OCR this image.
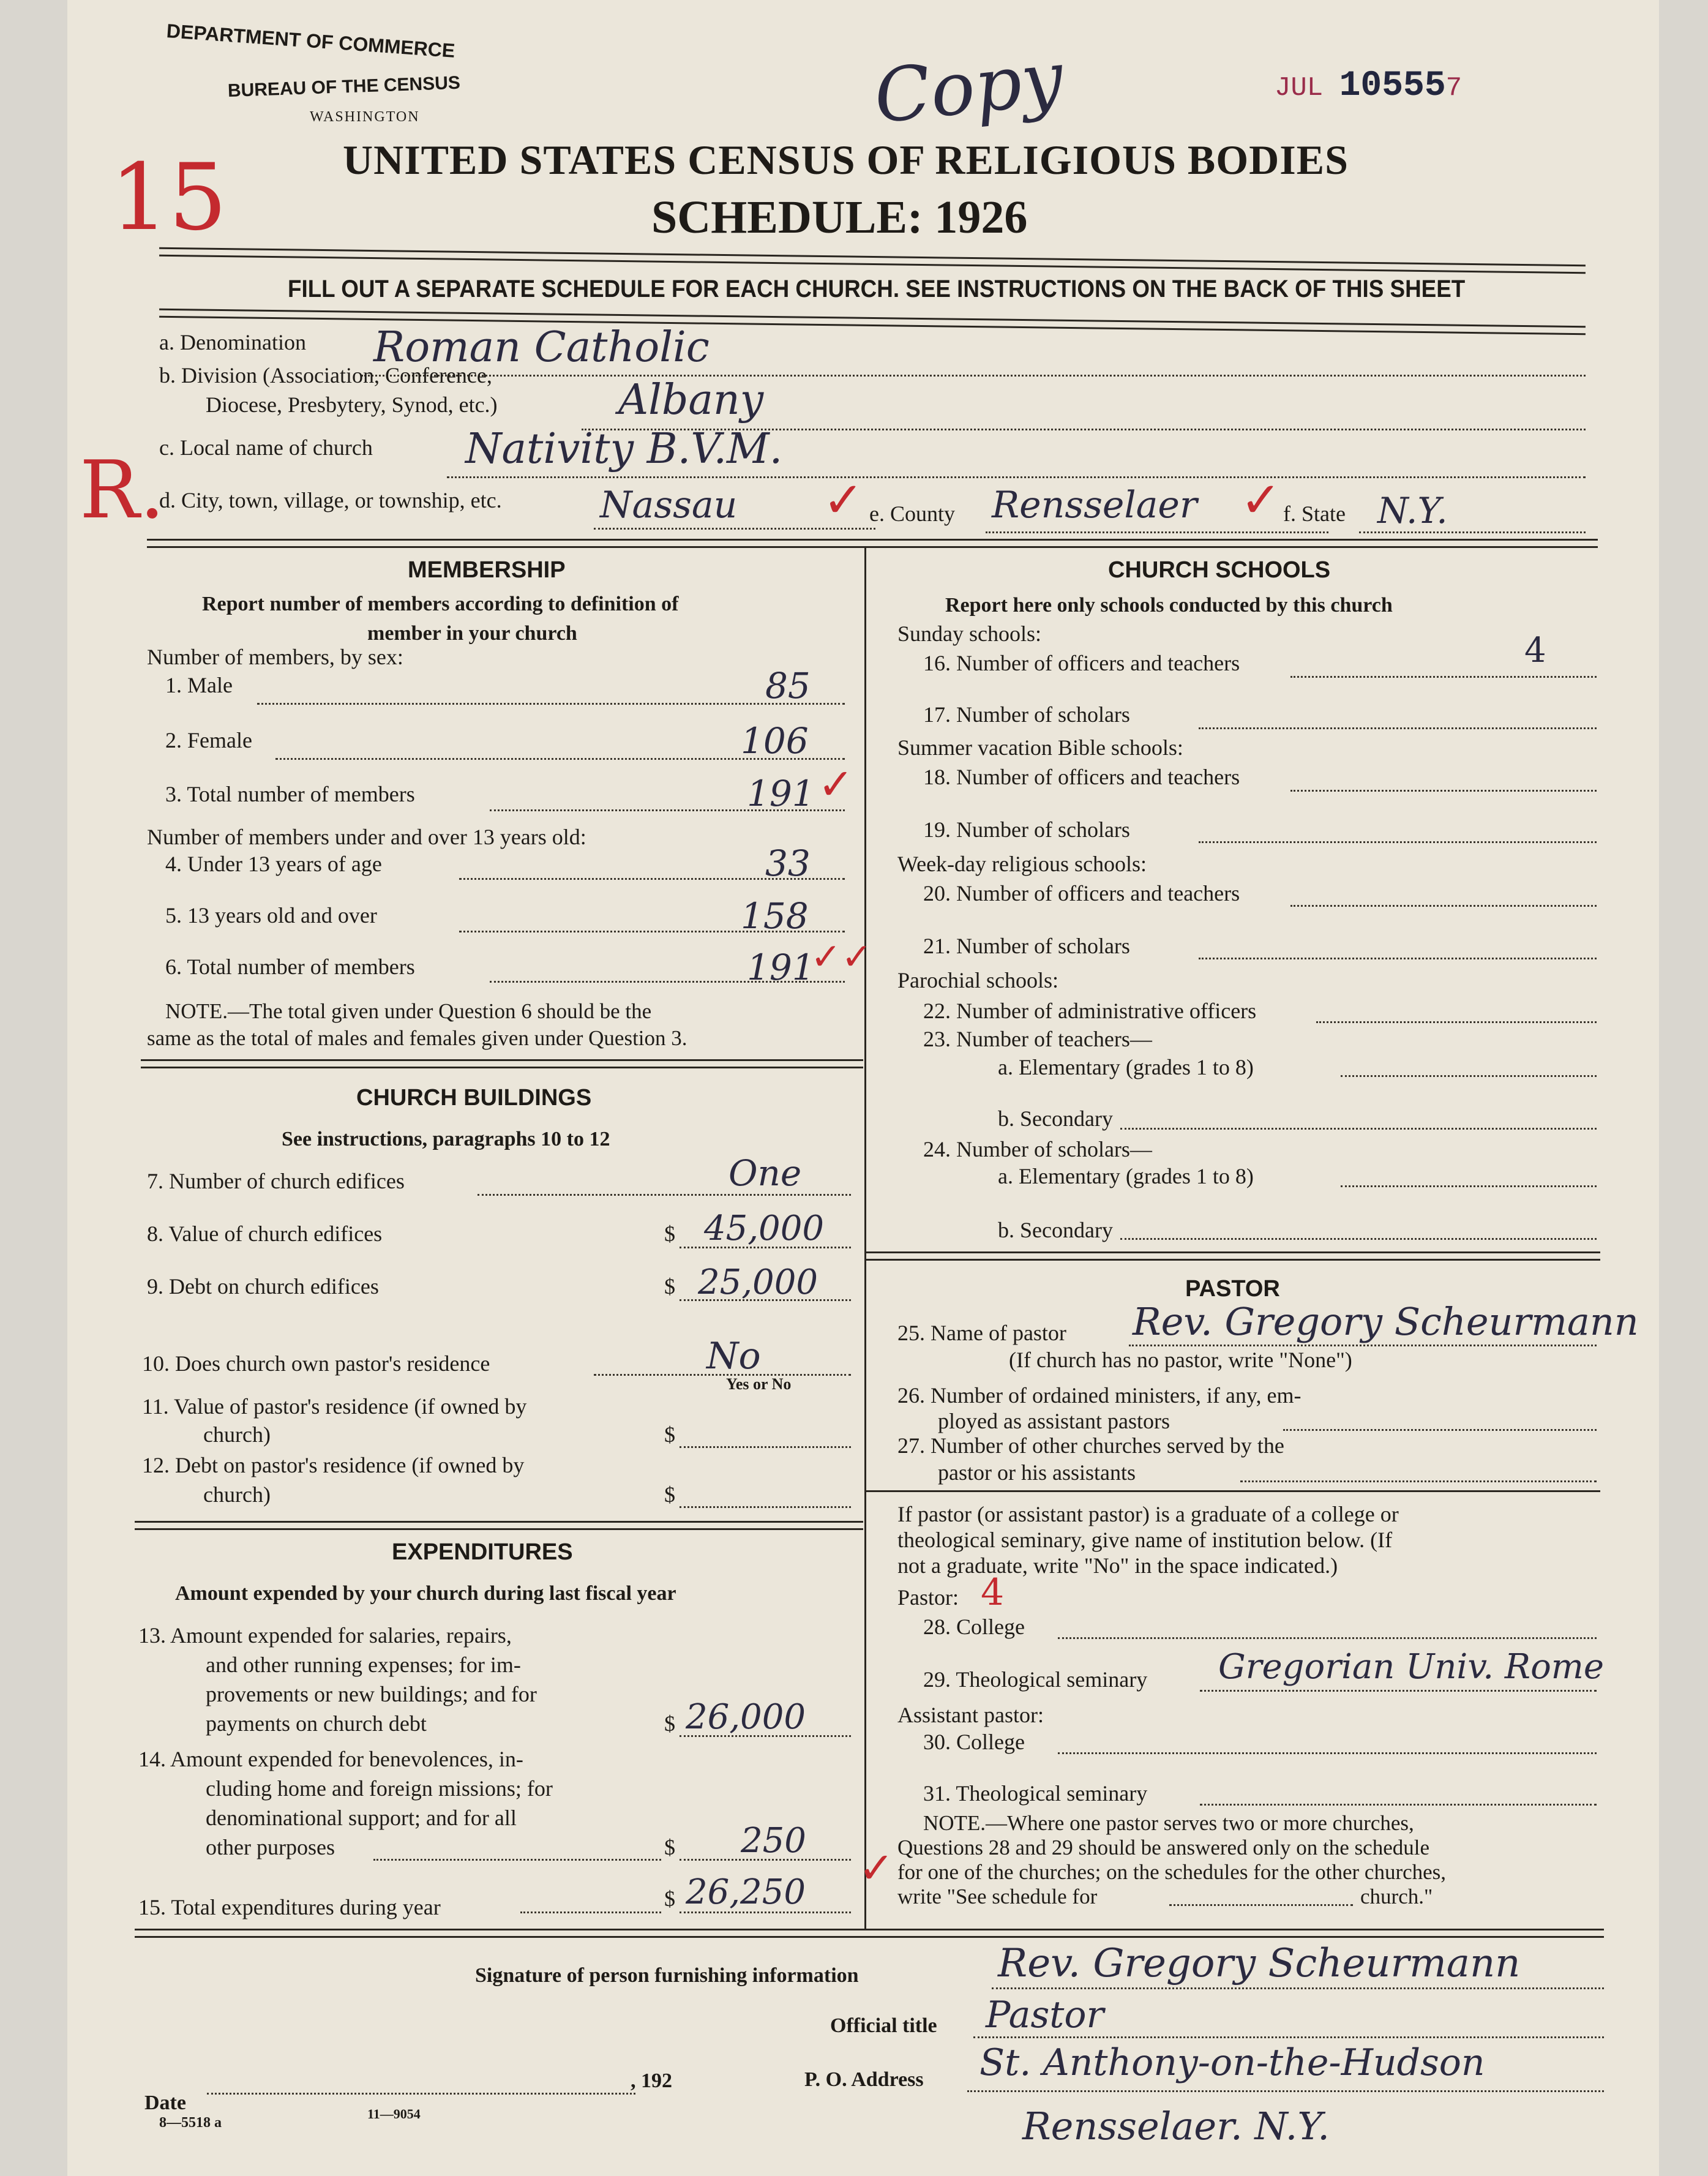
DEPARTMENT OF COMMERCE
BUREAU OF THE CENSUS
WASHINGTON	Copy	JUL 105557
15
R.
UNITED STATES CENSUS OF RELIGIOUS BODIES
SCHEDULE: 1926
FILL OUT A SEPARATE SCHEDULE FOR EACH CHURCH. SEE INSTRUCTIONS ON THE BACK OF THIS SHEET
a. Denomination Roman Catholic
b. Division (Association, Conference,
Diocese, Presbytery, Synod, etc.)	Albany
c. Local name of church Nativity B.V.M.
d. City, town, village, or township, etc.	Nassau ✓ e. County Rensselaer ✓ f. State N.Y.
MEMBERSHIP
Report number of members according to definition of
member in your church
Number of members, by sex:
1. Male	85
2. Female	106
3. Total number of members	191 ✓
Number of members under and over 13 years old:
4. Under 13 years of age	33
5. 13 years old and over	158
6. Total number of members	191
✓✓
NOTE.—The total given under Question 6 should be the
same as the total of males and females given under Question 3.
CHURCH BUILDINGS
See instructions, paragraphs 10 to 12
7. Number of church edifices	One
8. Value of church edifices	$ 45,000
9. Debt on church edifices	$ 25,000
10. Does church own pastor's residence	No
Yes or No
11. Value of pastor's residence (if owned by
church)	$
12. Debt on pastor's residence (if owned by
church)	$
EXPENDITURES
Amount expended by your church during last fiscal year
13. Amount expended for salaries, repairs,
and other running expenses; for im-
provements or new buildings; and for
payments on church debt	$ 26,000
14. Amount expended for benevolences, in-
cluding home and foreign missions; for
denominational support; and for all
other purposes	$ 250
✓
15. Total expenditures during year	$ 26,250
CHURCH SCHOOLS
Report here only schools conducted by this church
Sunday schools:
16. Number of officers and teachers	4
17. Number of scholars
Summer vacation Bible schools:
18. Number of officers and teachers
19. Number of scholars
Week-day religious schools:
20. Number of officers and teachers
21. Number of scholars
Parochial schools:
22. Number of administrative officers
23. Number of teachers—
a. Elementary (grades 1 to 8)
b. Secondary
24. Number of scholars—
a. Elementary (grades 1 to 8)
b. Secondary
PASTOR
25. Name of pastor Rev. Gregory Scheurmann
(If church has no pastor, write "None")
26. Number of ordained ministers, if any, em-
ployed as assistant pastors
27. Number of other churches served by the
pastor or his assistants
If pastor (or assistant pastor) is a graduate of a college or
theological seminary, give name of institution below. (If
not a graduate, write "No" in the space indicated.)
Pastor: 4
28. College
29. Theological seminary Gregorian Univ. Rome
Assistant pastor:
30. College
31. Theological seminary
NOTE.—Where one pastor serves two or more churches,
Questions 28 and 29 should be answered only on the schedule
for one of the churches; on the schedules for the other churches,
write "See schedule for	church."
Signature of person furnishing information	Rev. Gregory Scheurmann
Official title Pastor
Date
, 192	P. O. Address St. Anthony-on-the-Hudson
Rensselaer. N.Y.
8—5518 a
11—9054
